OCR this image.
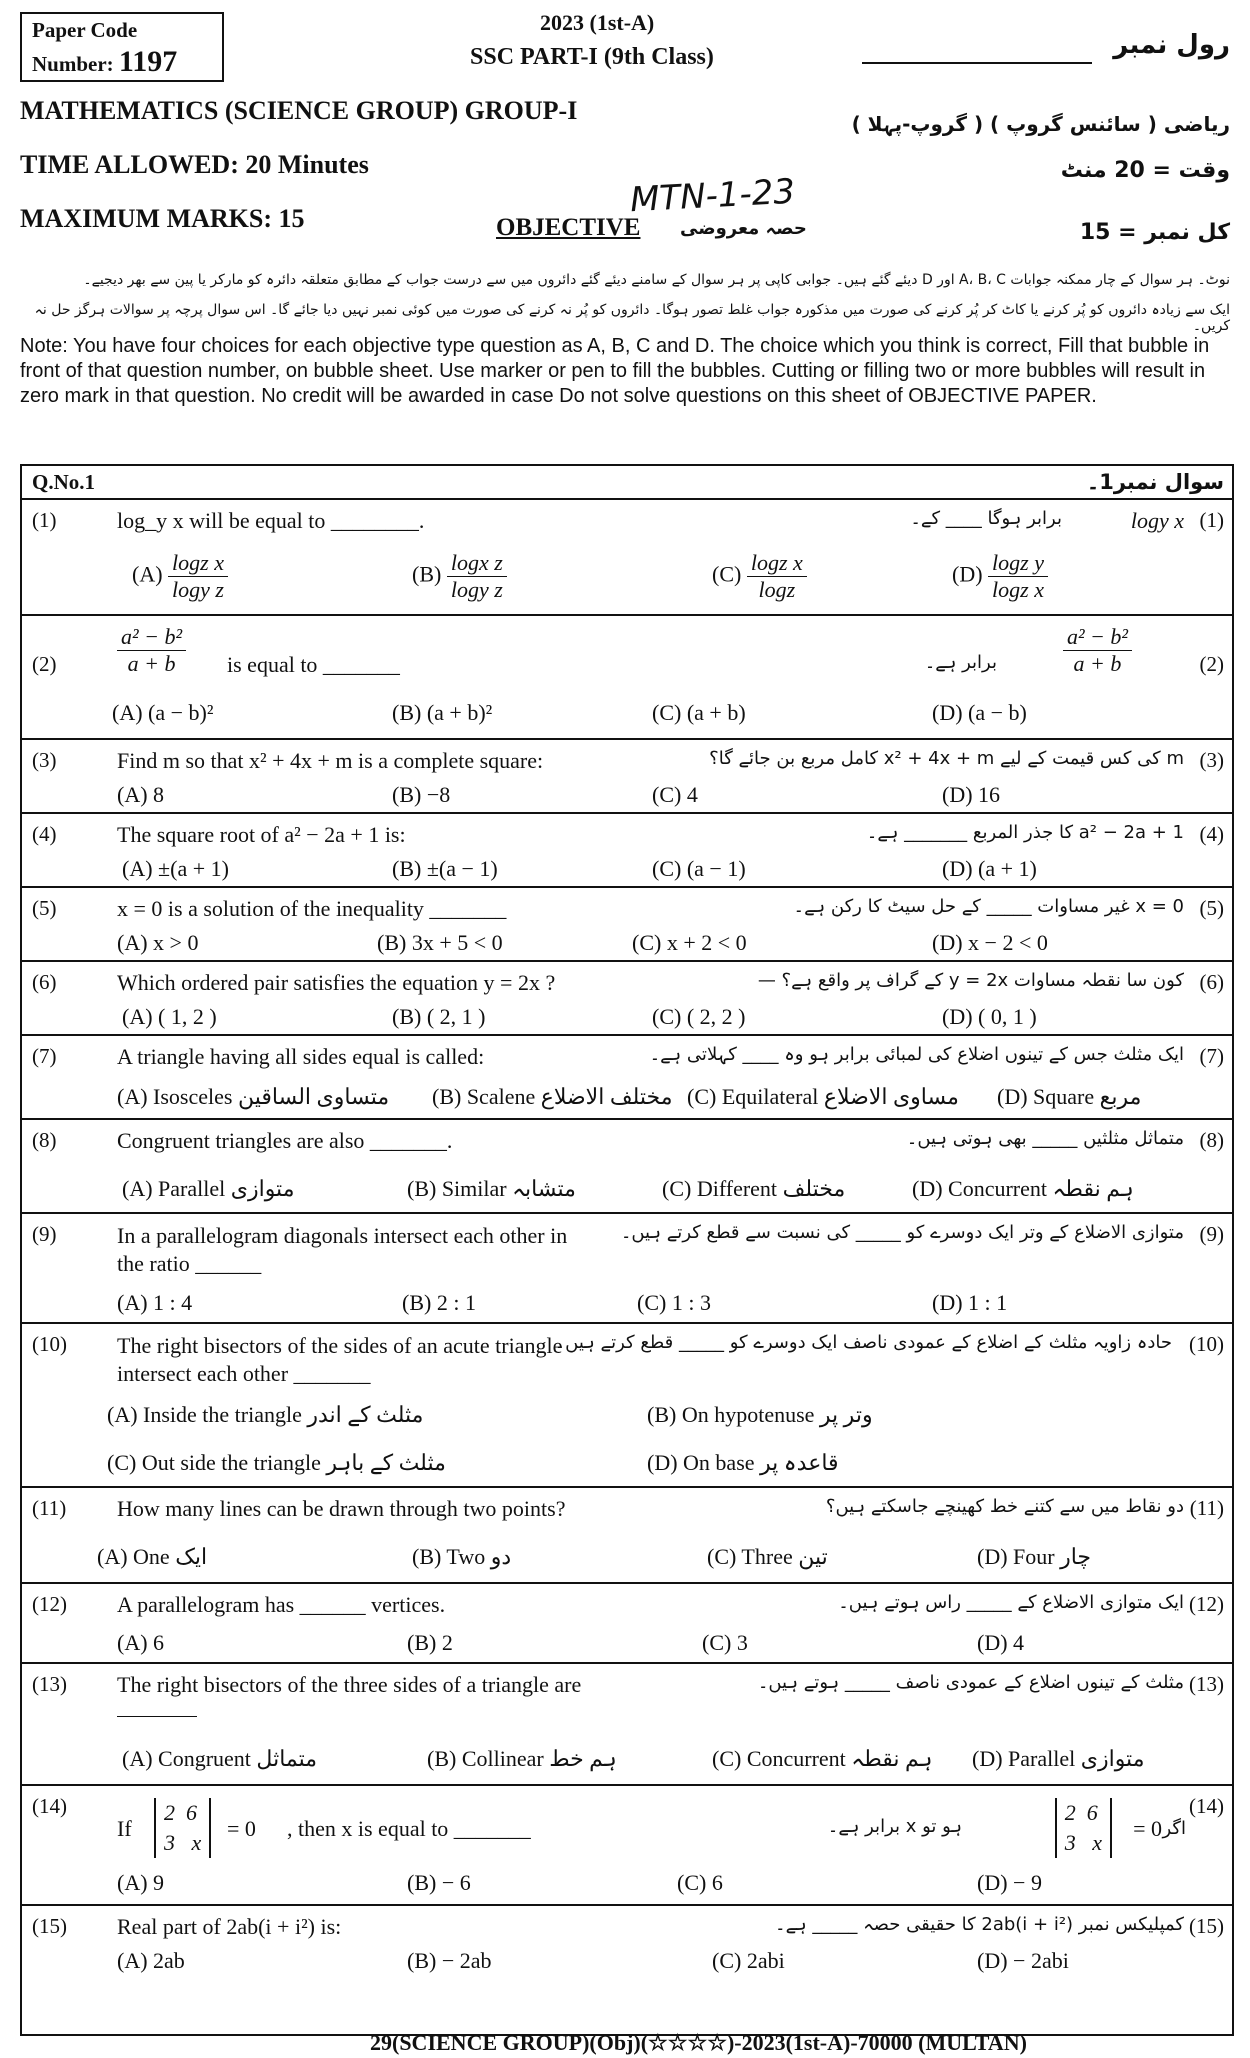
Paper Code
Number: 1197
2023 (1st-A)
SSC PART-I (9th Class)	رول نمبر
MATHEMATICS (SCIENCE GROUP) GROUP-I	ریاضی ( سائنس گروپ ) ( گروپ-پہلا )
TIME ALLOWED: 20 Minutes	وقت = 20 منٹ
MTN-1-23
MAXIMUM MARKS: 15	OBJECTIVE حصہ معروضی	کل نمبر = 15
نوٹ۔ ہر سوال کے چار ممکنہ جوابات A، B، C اور D دیئے گئے ہیں۔ جوابی کاپی پر ہر سوال کے سامنے دیئے گئے دائروں میں سے درست جواب کے مطابق متعلقہ دائرہ کو مارکر یا پین سے بھر دیجیے۔
ایک سے زیادہ دائروں کو پُر کرنے یا کاٹ کر پُر کرنے کی صورت میں مذکورہ جواب غلط تصور ہوگا۔ دائروں کو پُر نہ کرنے کی صورت میں کوئی نمبر نہیں دیا جائے گا۔ اس سوال پرچہ پر سوالات ہرگز حل نہ کریں۔
Note: You have four choices for each objective type question as A, B, C and D. The choice which you think is correct, Fill that bubble in front of that question number, on bubble sheet. Use marker or pen to fill the bubbles. Cutting or filling two or more bubbles will result in zero mark in that question. No credit will be awarded in case Do not solve questions on this sheet of OBJECTIVE PAPER.
Q.No.1	سوال نمبر1۔
(1)	log_y x will be equal to ________.	برابر ہوگا ____ کے۔	logy x (1)
$(A) \frac{\text{logz x}}{\text{logy z}}$	$(B) \frac{\text{logx z}}{\text{logy z}}$	$(C) \frac{\text{logz x}}{\log z}$	$(D) \frac{\text{logz y}}{\text{logz x}}$
(2)	$\frac{\text{a² − b²}}{a + b}$ is equal to _______	$\frac{\text{a² − b²}}{a + b}$
برابر ہے۔	(2)
(A) (a − b)²	(B) (a + b)²	(C) (a + b)	(D) (a − b)
(3)	Find m so that x² + 4x + m is a complete square:	m کی کس قیمت کے لیے x² + 4x + m کامل مربع بن جائے گا؟ (3)
(A) 8	(B) −8	(C) 4	(D) 16
(4)	The square root of a² − 2a + 1 is:	a² − 2a + 1 کا جذر المربع _______ ہے۔ (4)
(A) ±(a + 1)	(B) ±(a − 1)	(C) (a − 1)	(D) (a + 1)
(5)	x = 0 is a solution of the inequality _______	x = 0 غیر مساوات _____ کے حل سیٹ کا رکن ہے۔ (5)
(A) x > 0	(B) 3x + 5 < 0	(C) x + 2 < 0	(D) x − 2 < 0
(6)	Which ordered pair satisfies the equation y = 2x ?	کون سا نقطہ مساوات y = 2x کے گراف پر واقع ہے؟ — (6)
(A) ( 1, 2 )	(B) ( 2, 1 )	(C) ( 2, 2 )	(D) ( 0, 1 )
(7)	A triangle having all sides equal is called:	ایک مثلث جس کے تینوں اضلاع کی لمبائی برابر ہو وہ ____ کہلاتی ہے۔ (7)
(A) Isosceles متساوی الساقین (B) Scalene مختلف الاضلاع (C) Equilateral مساوی الاضلاع (D) Square مربع
(8)	Congruent triangles are also _______.	متماثل مثلثیں _____ بھی ہوتی ہیں۔ (8)
(A) Parallel متوازی	(B) Similar متشابہ	(C) Different مختلف	(D) Concurrent ہم نقطہ
(9)	In a parallelogram diagonals intersect each other in the ratio ______
متوازی الاضلاع کے وتر ایک دوسرے کو _____ کی نسبت سے قطع کرتے ہیں۔ (9)
(A) 1 : 4	(B) 2 : 1	(C) 1 : 3	(D) 1 : 1
(10) The right bisectors of the sides of an acute triangle intersect each other _______
حادہ زاویہ مثلث کے اضلاع کے عمودی ناصف ایک دوسرے کو _____ قطع کرتے ہیں۔ (10)
(A) Inside the triangle مثلث کے اندر	(B) On hypotenuse وتر پر
(C) Out side the triangle مثلث کے باہر	(D) On base قاعدہ پر
(11) How many lines can be drawn through two points?	دو نقاط میں سے کتنے خط کھینچے جاسکتے ہیں؟ (11)
(A) One ایک	(B) Two دو	(C) Three تین	(D) Four چار
(12) A parallelogram has ______ vertices.	ایک متوازی الاضلاع کے _____ راس ہوتے ہیں۔ (12)
(A) 6	(B) 2	(C) 3	(D) 4
(13) The right bisectors of the three sides of a triangle are	مثلث کے تینوں اضلاع کے عمودی ناصف _____ ہوتے ہیں۔ (13)
(A) Congruent متماثل	(B) Collinear ہم خط	(C) Concurrent ہم نقطہ (D) Parallel متوازی
(14)
If
2 6
3 x
= 0 , then x is equal to _______	ہو تو x برابر ہے۔
2 6
3 x
= 0 اگر
(14)
(A) 9	(B) − 6	(C) 6	(D) − 9
(15) Real part of 2ab(i + i²) is:	کمپلیکس نمبر 2ab(i + i²) کا حقیقی حصہ _____ ہے۔ (15)
(A) 2ab	(B) − 2ab	(C) 2abi	(D) − 2abi
29(SCIENCE GROUP)(Obj)(☆☆☆☆)-2023(1st-A)-70000 (MULTAN)
